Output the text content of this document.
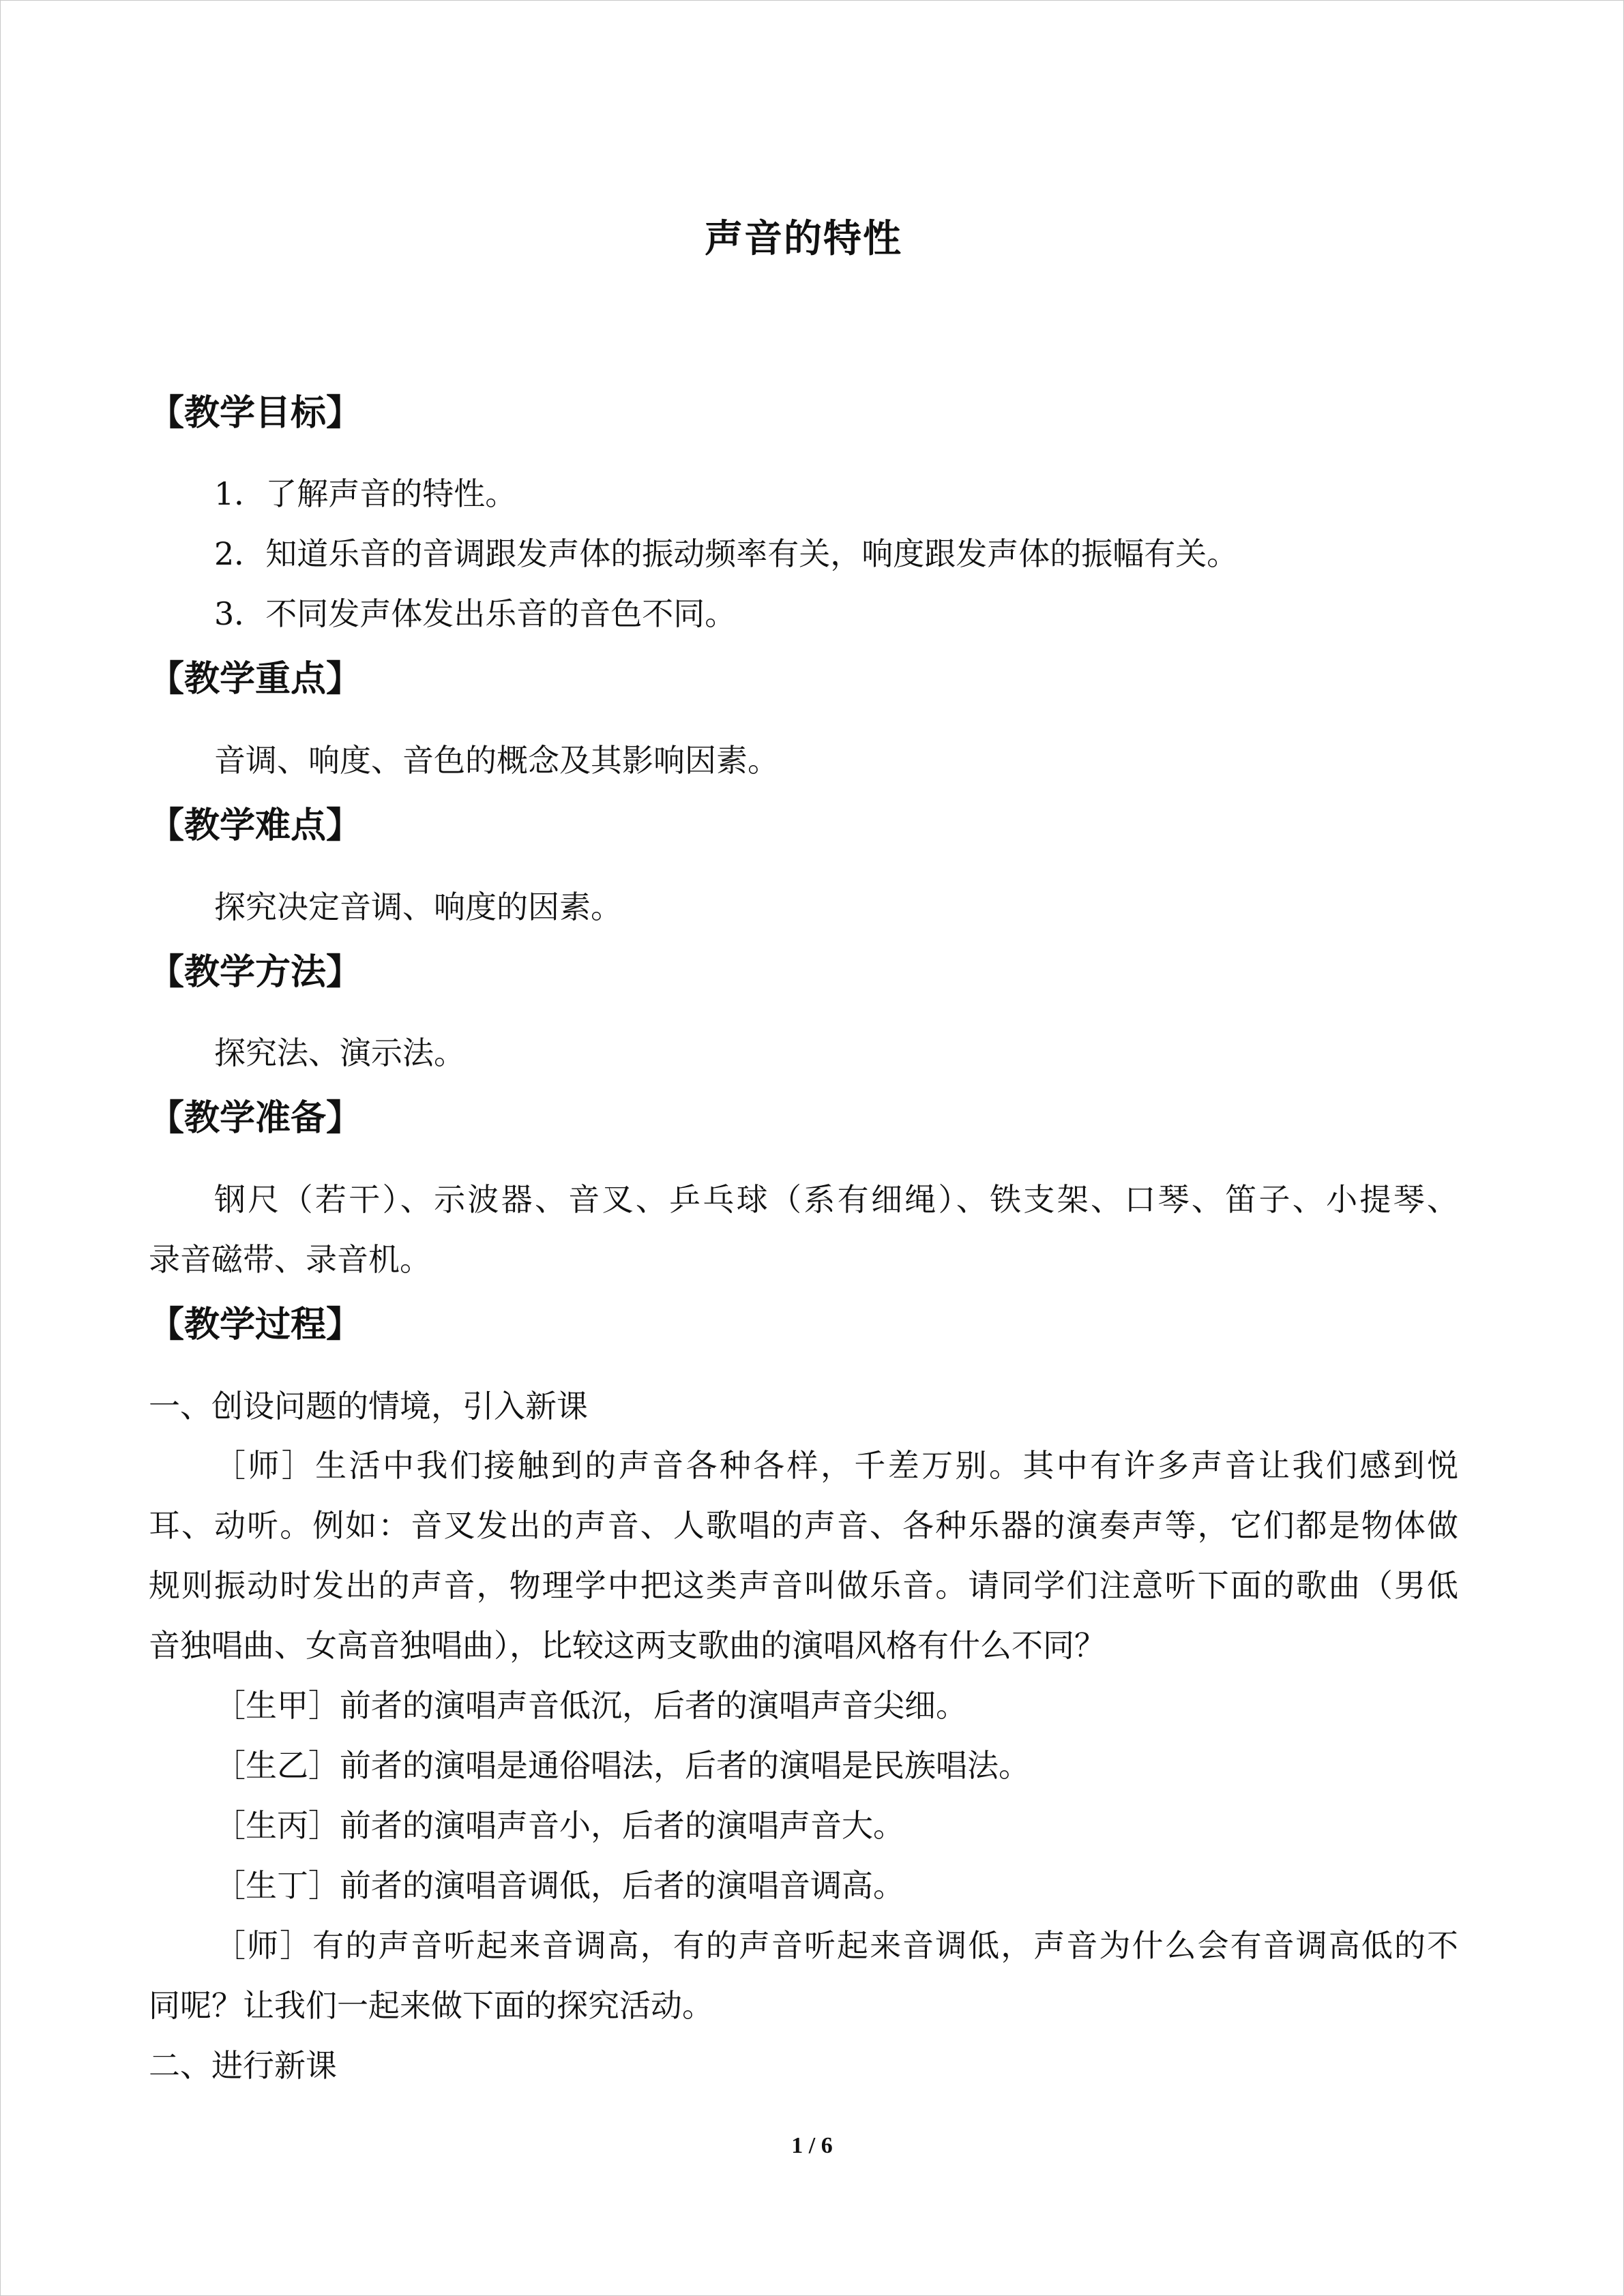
声音的特性
【教学目标】
1．了解声音的特性。
2．知道乐音的音调跟发声体的振动频率有关，响度跟发声体的振幅有关。
3．不同发声体发出乐音的音色不同。
【教学重点】
音调、响度、音色的概念及其影响因素。
【教学难点】
探究决定音调、响度的因素。
【教学方法】
探究法、演示法。
【教学准备】
钢尺（若干）、示波器、音叉、乒乓球（系有细绳）、铁支架、口琴、笛子、小提琴、
录音磁带、录音机。
【教学过程】
一、创设问题的情境，引入新课
［师］生活中我们接触到的声音各种各样，千差万别。其中有许多声音让我们感到悦
耳、动听。例如：音叉发出的声音、人歌唱的声音、各种乐器的演奏声等，它们都是物体做
规则振动时发出的声音，物理学中把这类声音叫做乐音。请同学们注意听下面的歌曲（男低
音独唱曲、女高音独唱曲），比较这两支歌曲的演唱风格有什么不同？
［生甲］前者的演唱声音低沉，后者的演唱声音尖细。
［生乙］前者的演唱是通俗唱法，后者的演唱是民族唱法。
［生丙］前者的演唱声音小，后者的演唱声音大。
［生丁］前者的演唱音调低，后者的演唱音调高。
［师］有的声音听起来音调高，有的声音听起来音调低，声音为什么会有音调高低的不
同呢？让我们一起来做下面的探究活动。
二、进行新课
1 / 6
